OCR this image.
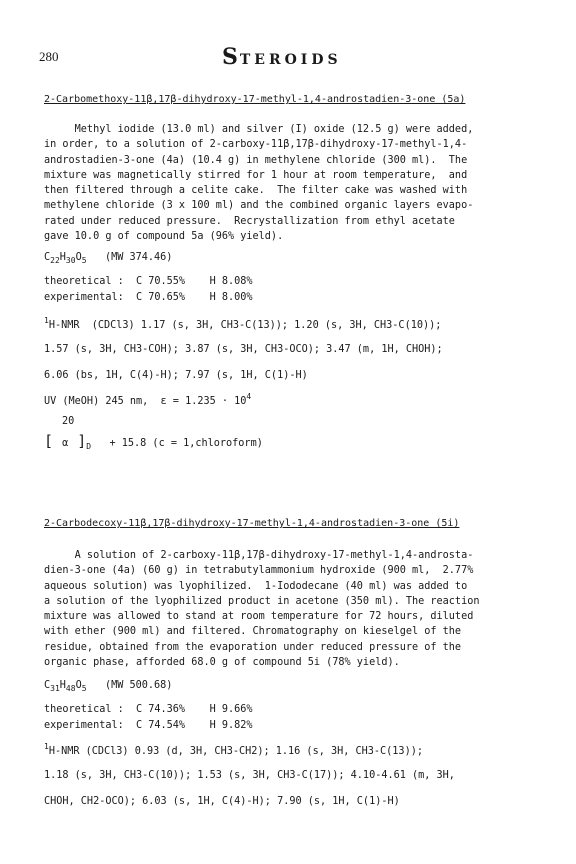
280	STEROIDS
2-Carbomethoxy-11β,17β-dihydroxy-17-methyl-1,4-androstadien-3-one (5a)
Methyl iodide (13.0 ml) and silver (I) oxide (12.5 g) were added,
in order, to a solution of 2-carboxy-11β,17β-dihydroxy-17-methyl-1,4-
androstadien-3-one (4a) (10.4 g) in methylene chloride (300 ml).  The
mixture was magnetically stirred for 1 hour at room temperature,  and
then filtered through a celite cake.  The filter cake was washed with
methylene chloride (3 x 100 ml) and the combined organic layers evapo-
rated under reduced pressure.  Recrystallization from ethyl acetate
gave 10.0 g of compound 5a (96% yield).
$C_{22}H_{30}O_5$ (MW 374.46)
theoretical :  C 70.55%    H 8.08%
experimental:  C 70.65%    H 8.00%
$^1$H-NMR  (CDCl3) 1.17 (s, 3H, CH3-C(13)); 1.20 (s, 3H, CH3-C(10));
1.57 (s, 3H, CH3-COH); 3.87 (s, 3H, CH3-OCO); 3.47 (m, 1H, CHOH);
6.06 (bs, 1H, C(4)-H); 7.97 (s, 1H, C(1)-H)
UV (MeOH) 245 nm,  $\varepsilon = 1.235 \cdot 10^4$
20
[ α ]$_D + 15.8$ (c = 1,chloroform)
2-Carbodecoxy-11β,17β-dihydroxy-17-methyl-1,4-androstadien-3-one (5i)
A solution of 2-carboxy-11β,17β-dihydroxy-17-methyl-1,4-androsta-
dien-3-one (4a) (60 g) in tetrabutylammonium hydroxide (900 ml,  2.77%
aqueous solution) was lyophilized.  1-Iododecane (40 ml) was added to
a solution of the lyophilized product in acetone (350 ml). The reaction
mixture was allowed to stand at room temperature for 72 hours, diluted
with ether (900 ml) and filtered. Chromatography on kieselgel of the
residue, obtained from the evaporation under reduced pressure of the
organic phase, afforded 68.0 g of compound 5i (78% yield).
$C_{31}H_{48}O_5$ (MW 500.68)
theoretical :  C 74.36%    H 9.66%
experimental:  C 74.54%    H 9.82%
$^1$H-NMR (CDCl3) 0.93 (d, 3H, CH3-CH2); 1.16 (s, 3H, CH3-C(13));
1.18 (s, 3H, CH3-C(10)); 1.53 (s, 3H, CH3-C(17)); 4.10-4.61 (m, 3H,
CHOH, CH2-OCO); 6.03 (s, 1H, C(4)-H); 7.90 (s, 1H, C(1)-H)
